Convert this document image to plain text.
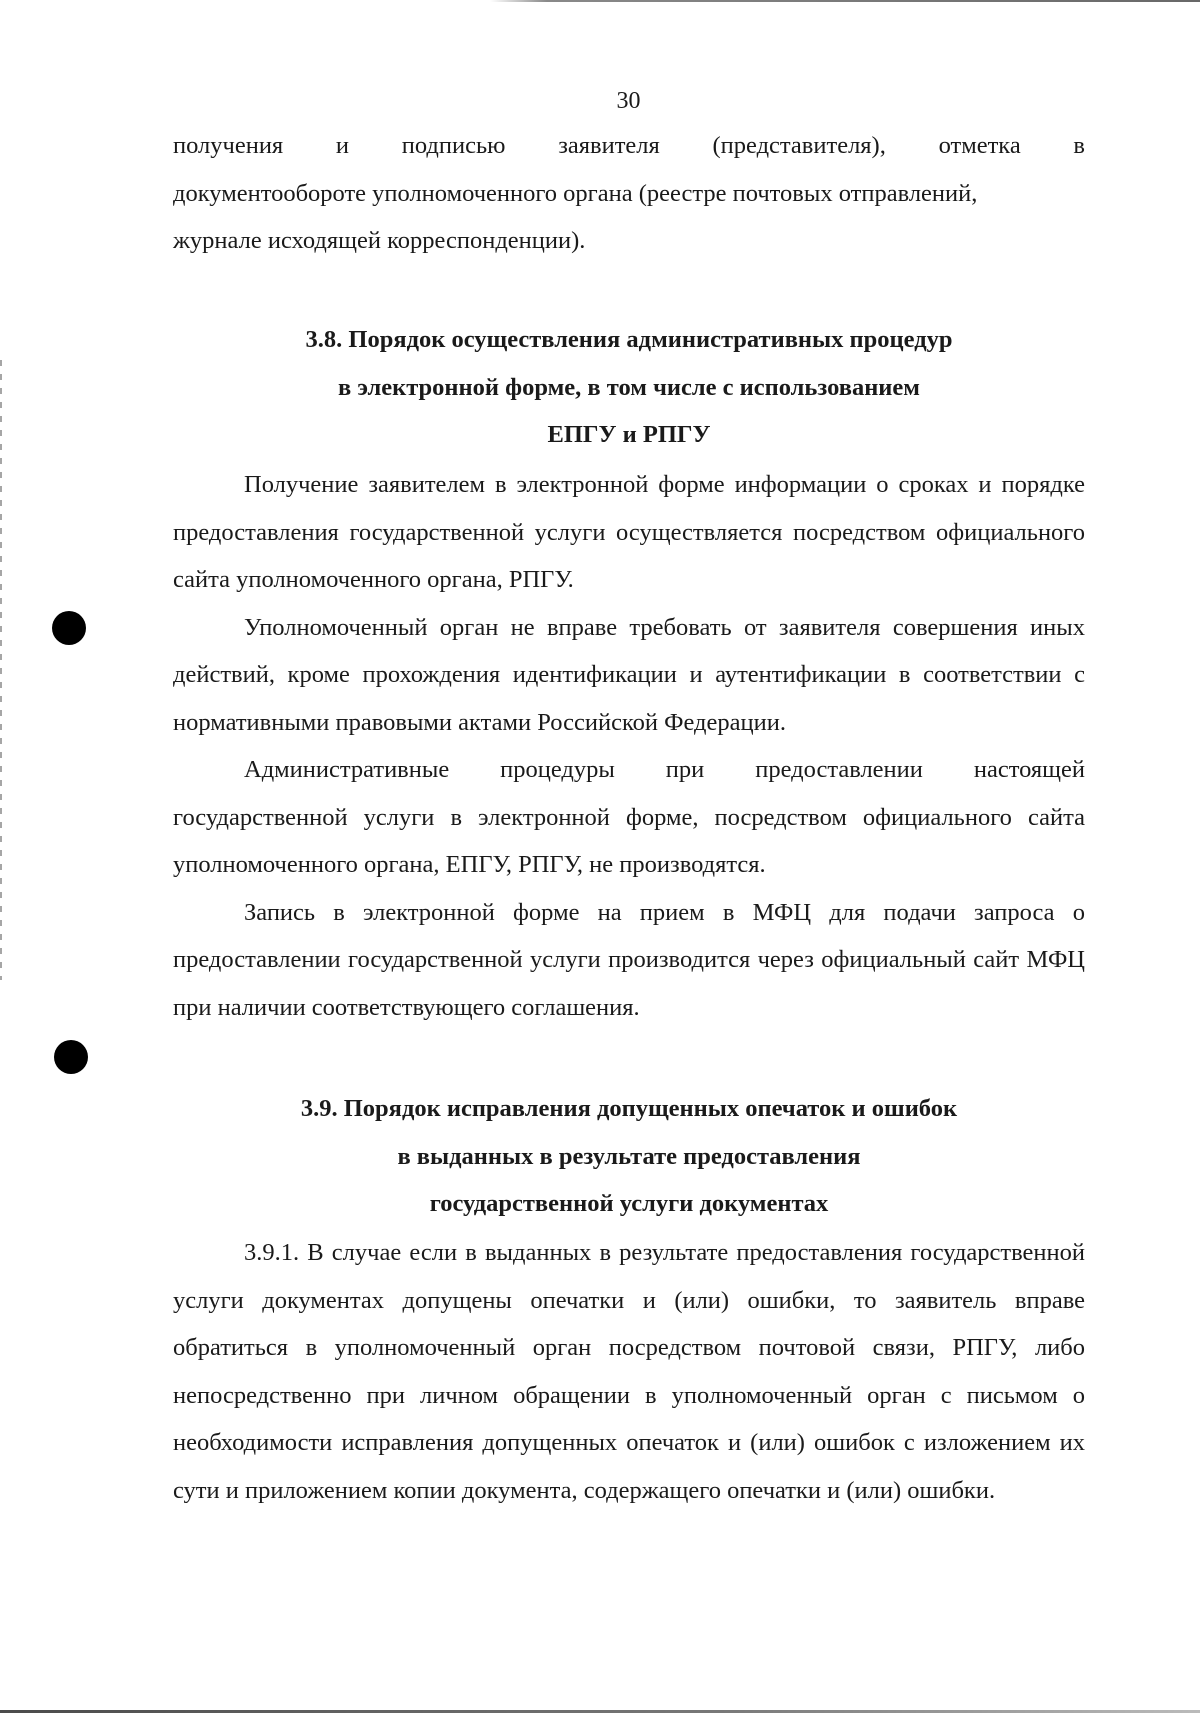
30

получения и подписью заявителя (представителя), отметка в

документообороте уполномоченного органа (реестре почтовых отправлений,

журнале исходящей корреспонденции).

3.8. Порядок осуществления административных процедур

в электронной форме, в том числе с использованием

ЕПГУ и РПГУ

Получение заявителем в электронной форме информации о сроках и порядке предоставления государственной услуги осуществляется посредством официального сайта уполномоченного органа, РПГУ.

Уполномоченный орган не вправе требовать от заявителя совершения иных действий, кроме прохождения идентификации и аутентификации в соответствии с нормативными правовыми актами Российской Федерации.

Административные процедуры при предоставлении настоящей государственной услуги в электронной форме, посредством официального сайта уполномоченного органа, ЕПГУ, РПГУ, не производятся.

Запись в электронной форме на прием в МФЦ для подачи запроса о предоставлении государственной услуги производится через официальный сайт МФЦ при наличии соответствующего соглашения.

3.9. Порядок исправления допущенных опечаток и ошибок

в выданных в результате предоставления

государственной услуги документах

3.9.1. В случае если в выданных в результате предоставления государственной услуги документах допущены опечатки и (или) ошибки, то заявитель вправе обратиться в уполномоченный орган посредством почтовой связи, РПГУ, либо непосредственно при личном обращении в уполномоченный орган с письмом о необходимости исправления допущенных опечаток и (или) ошибок с изложением их сути и приложением копии документа, содержащего опечатки и (или) ошибки.
